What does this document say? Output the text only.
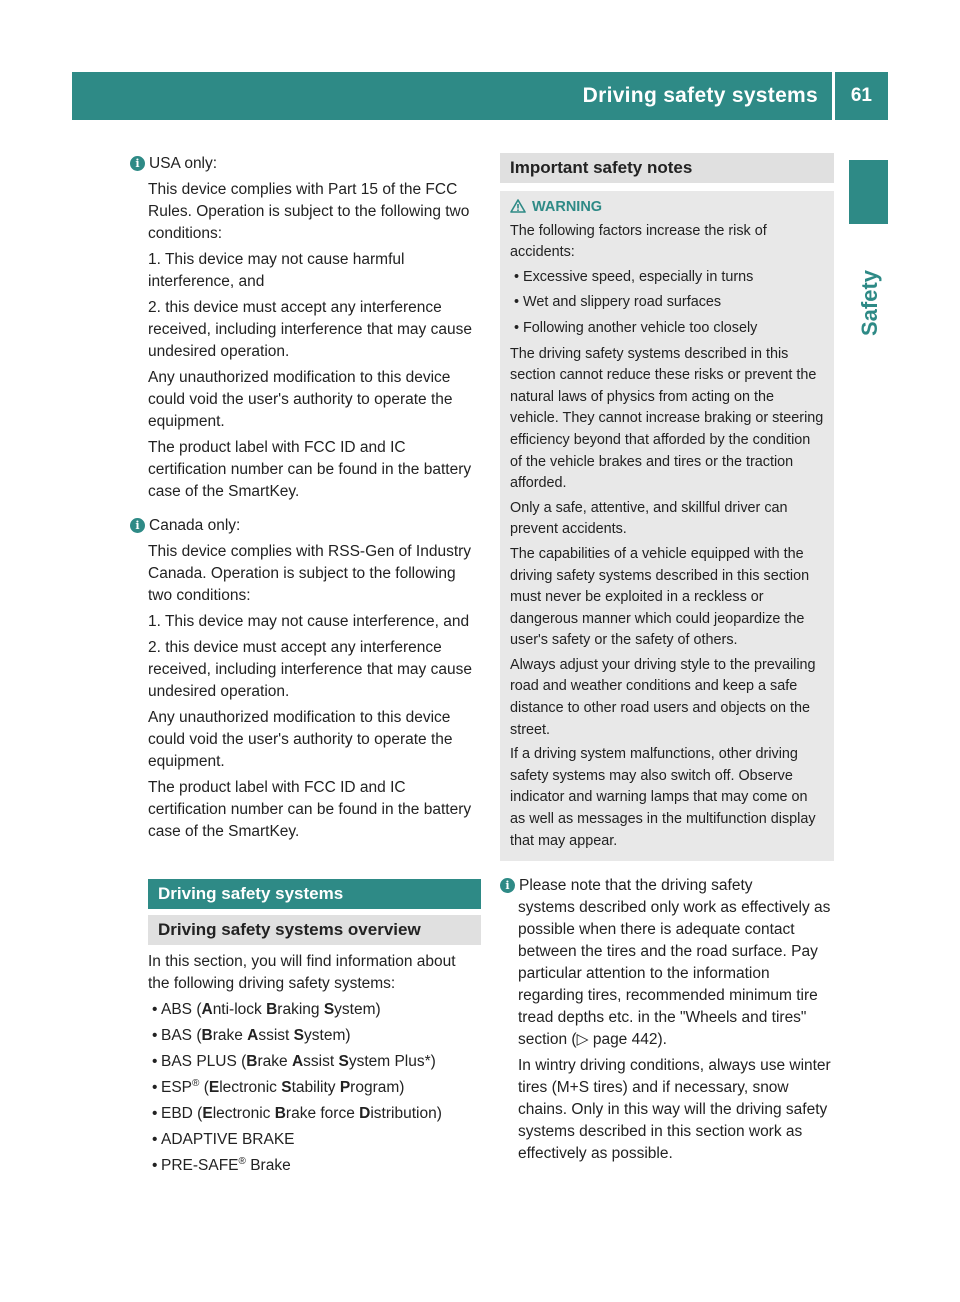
Driving safety systems 61
Safety

i USA only:

This device complies with Part 15 of the FCC Rules. Operation is subject to the following two conditions:

1. This device may not cause harmful interference, and

2. this device must accept any interference received, including interference that may cause undesired operation.

Any unauthorized modification to this device could void the user's authority to operate the equipment.

The product label with FCC ID and IC certification number can be found in the battery case of the SmartKey.

i Canada only:

This device complies with RSS-Gen of Industry Canada. Operation is subject to the following two conditions:

1. This device may not cause interference, and

2. this device must accept any interference received, including interference that may cause undesired operation.

Any unauthorized modification to this device could void the user's authority to operate the equipment.

The product label with FCC ID and IC certification number can be found in the battery case of the SmartKey.

Driving safety systems
Driving safety systems overview

In this section, you will find information about the following driving safety systems:

• ABS (Anti-lock Braking System)
• BAS (Brake Assist System)
• BAS PLUS (Brake Assist System Plus*)
• ESP® (Electronic Stability Program)
• EBD (Electronic Brake force Distribution)
• ADAPTIVE BRAKE
• PRE-SAFE® Brake
Important safety notes
WARNING

The following factors increase the risk of accidents:

• Excessive speed, especially in turns
• Wet and slippery road surfaces
• Following another vehicle too closely

The driving safety systems described in this section cannot reduce these risks or prevent the natural laws of physics from acting on the vehicle. They cannot increase braking or steering efficiency beyond that afforded by the condition of the vehicle brakes and tires or the traction afforded.

Only a safe, attentive, and skillful driver can prevent accidents.

The capabilities of a vehicle equipped with the driving safety systems described in this section must never be exploited in a reckless or dangerous manner which could jeopardize the user's safety or the safety of others.

Always adjust your driving style to the prevailing road and weather conditions and keep a safe distance to other road users and objects on the street.

If a driving system malfunctions, other driving safety systems may also switch off. Observe indicator and warning lamps that may come on as well as messages in the multifunction display that may appear.

i Please note that the driving safety

systems described only work as effectively as possible when there is adequate contact between the tires and the road surface. Pay particular attention to the information regarding tires, recommended minimum tire tread depths etc. in the "Wheels and tires" section (▷ page 442).

In wintry driving conditions, always use winter tires (M+S tires) and if necessary, snow chains. Only in this way will the driving safety systems described in this section work as effectively as possible.
